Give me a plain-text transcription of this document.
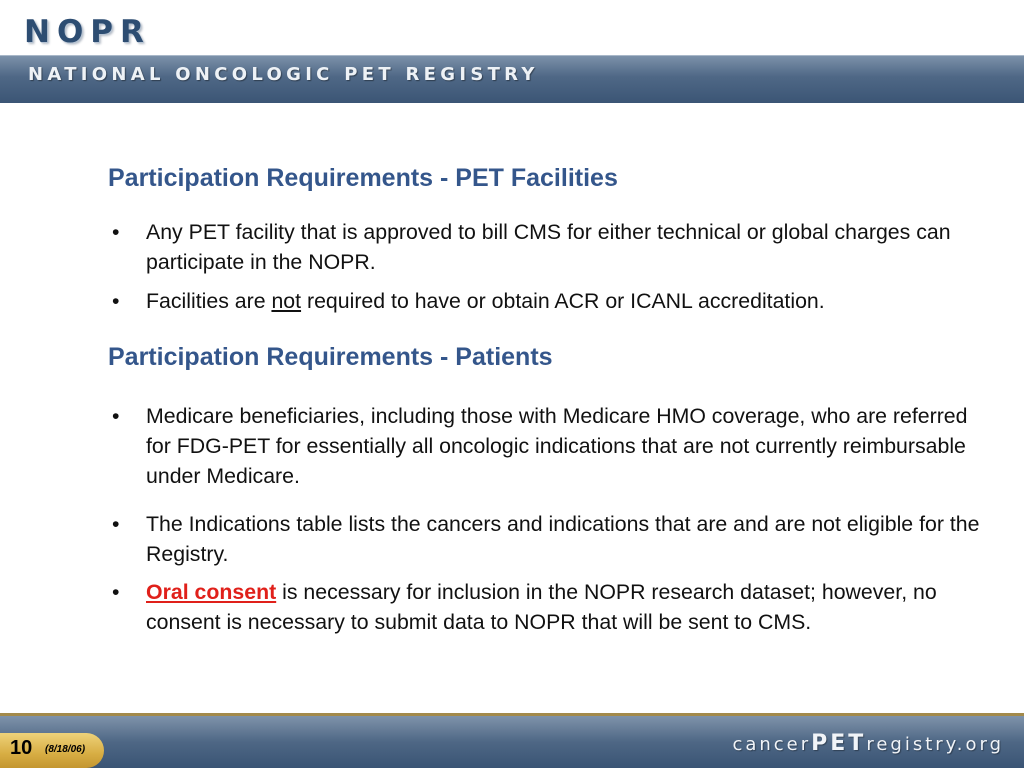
NOPR
NATIONAL ONCOLOGIC PET REGISTRY
Participation Requirements - PET Facilities
• Any PET facility that is approved to bill CMS for either technical or global charges can participate in the NOPR.
• Facilities are not required to have or obtain ACR or ICANL accreditation.
Participation Requirements - Patients
• Medicare beneficiaries, including those with Medicare HMO coverage, who are referred for FDG-PET for essentially all oncologic indications that are not currently reimbursable under Medicare.
• The Indications table lists the cancers and indications that are and are not eligible for the Registry.
• Oral consent is necessary for inclusion in the NOPR research dataset; however, no consent is necessary to submit data to NOPR that will be sent to CMS.
10 (8/18/06)	cancerPETregistry.org
